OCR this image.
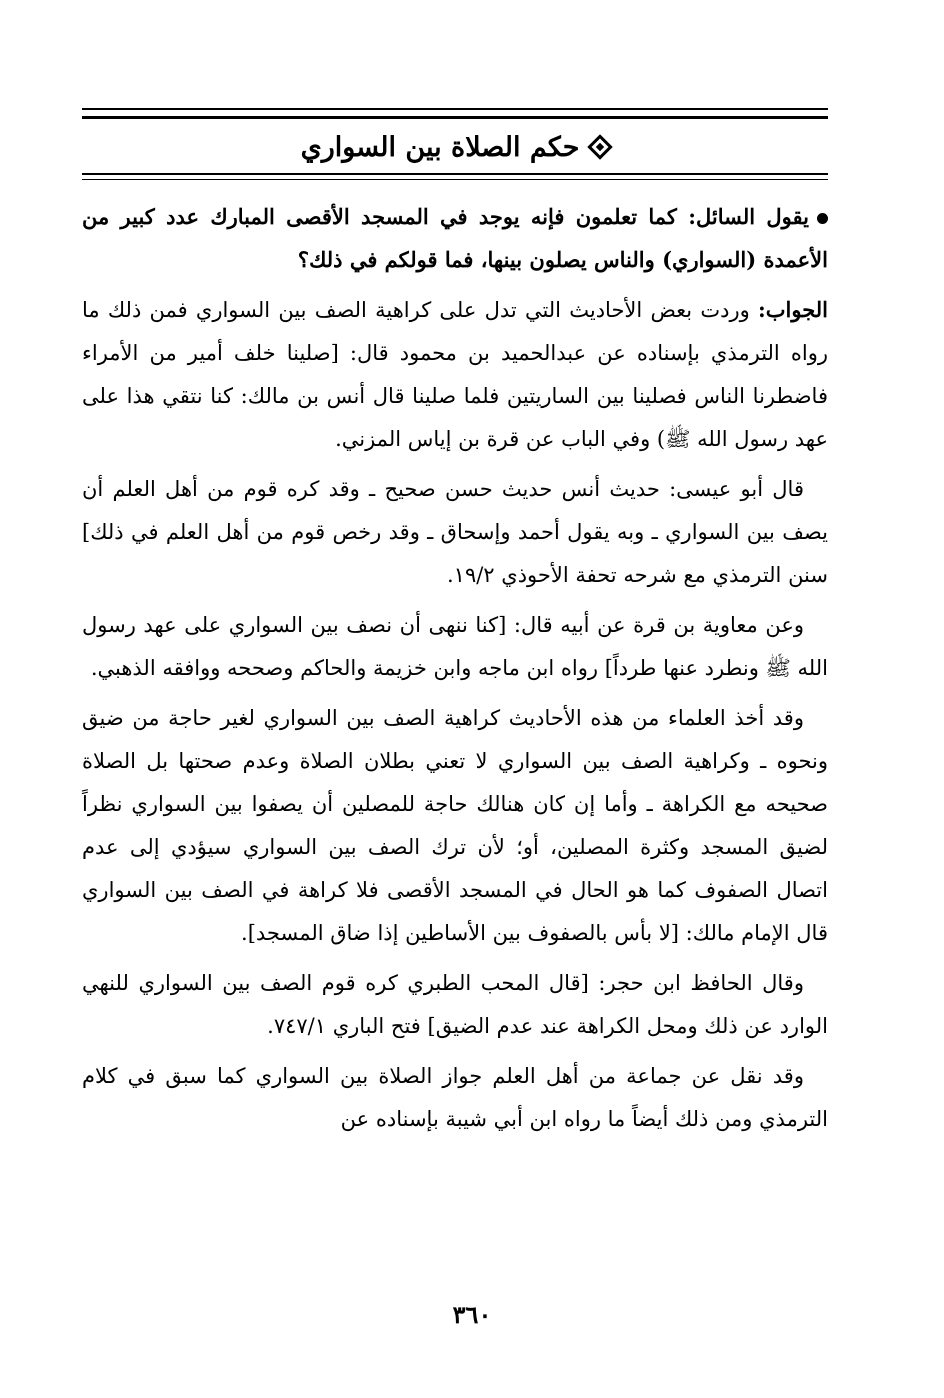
حكم الصلاة بين السواري

يقول السائل: كما تعلمون فإنه يوجد في المسجد الأقصى المبارك عدد كبير من الأعمدة (السواري) والناس يصلون بينها، فما قولكم في ذلك؟

الجواب: وردت بعض الأحاديث التي تدل على كراهية الصف بين السواري فمن ذلك ما رواه الترمذي بإسناده عن عبدالحميد بن محمود قال: [صلينا خلف أمير من الأمراء فاضطرنا الناس فصلينا بين الساريتين فلما صلينا قال أنس بن مالك: كنا نتقي هذا على عهد رسول الله ﷺ) وفي الباب عن قرة بن إياس المزني.

قال أبو عيسى: حديث أنس حديث حسن صحيح ـ وقد كره قوم من أهل العلم أن يصف بين السواري ـ وبه يقول أحمد وإسحاق ـ وقد رخص قوم من أهل العلم في ذلك] سنن الترمذي مع شرحه تحفة الأحوذي ١٩/٢.

وعن معاوية بن قرة عن أبيه قال: [كنا ننهى أن نصف بين السواري على عهد رسول الله ﷺ ونطرد عنها طرداً] رواه ابن ماجه وابن خزيمة والحاكم وصححه ووافقه الذهبي.

وقد أخذ العلماء من هذه الأحاديث كراهية الصف بين السواري لغير حاجة من ضيق ونحوه ـ وكراهية الصف بين السواري لا تعني بطلان الصلاة وعدم صحتها بل الصلاة صحيحه مع الكراهة ـ وأما إن كان هنالك حاجة للمصلين أن يصفوا بين السواري نظراً لضيق المسجد وكثرة المصلين، أو؛ لأن ترك الصف بين السواري سيؤدي إلى عدم اتصال الصفوف كما هو الحال في المسجد الأقصى فلا كراهة في الصف بين السواري قال الإمام مالك: [لا بأس بالصفوف بين الأساطين إذا ضاق المسجد].

وقال الحافظ ابن حجر: [قال المحب الطبري كره قوم الصف بين السواري للنهي الوارد عن ذلك ومحل الكراهة عند عدم الضيق] فتح الباري ٧٤٧/١.

وقد نقل عن جماعة من أهل العلم جواز الصلاة بين السواري كما سبق في كلام الترمذي ومن ذلك أيضاً ما رواه ابن أبي شيبة بإسناده عن

٣٦٠
